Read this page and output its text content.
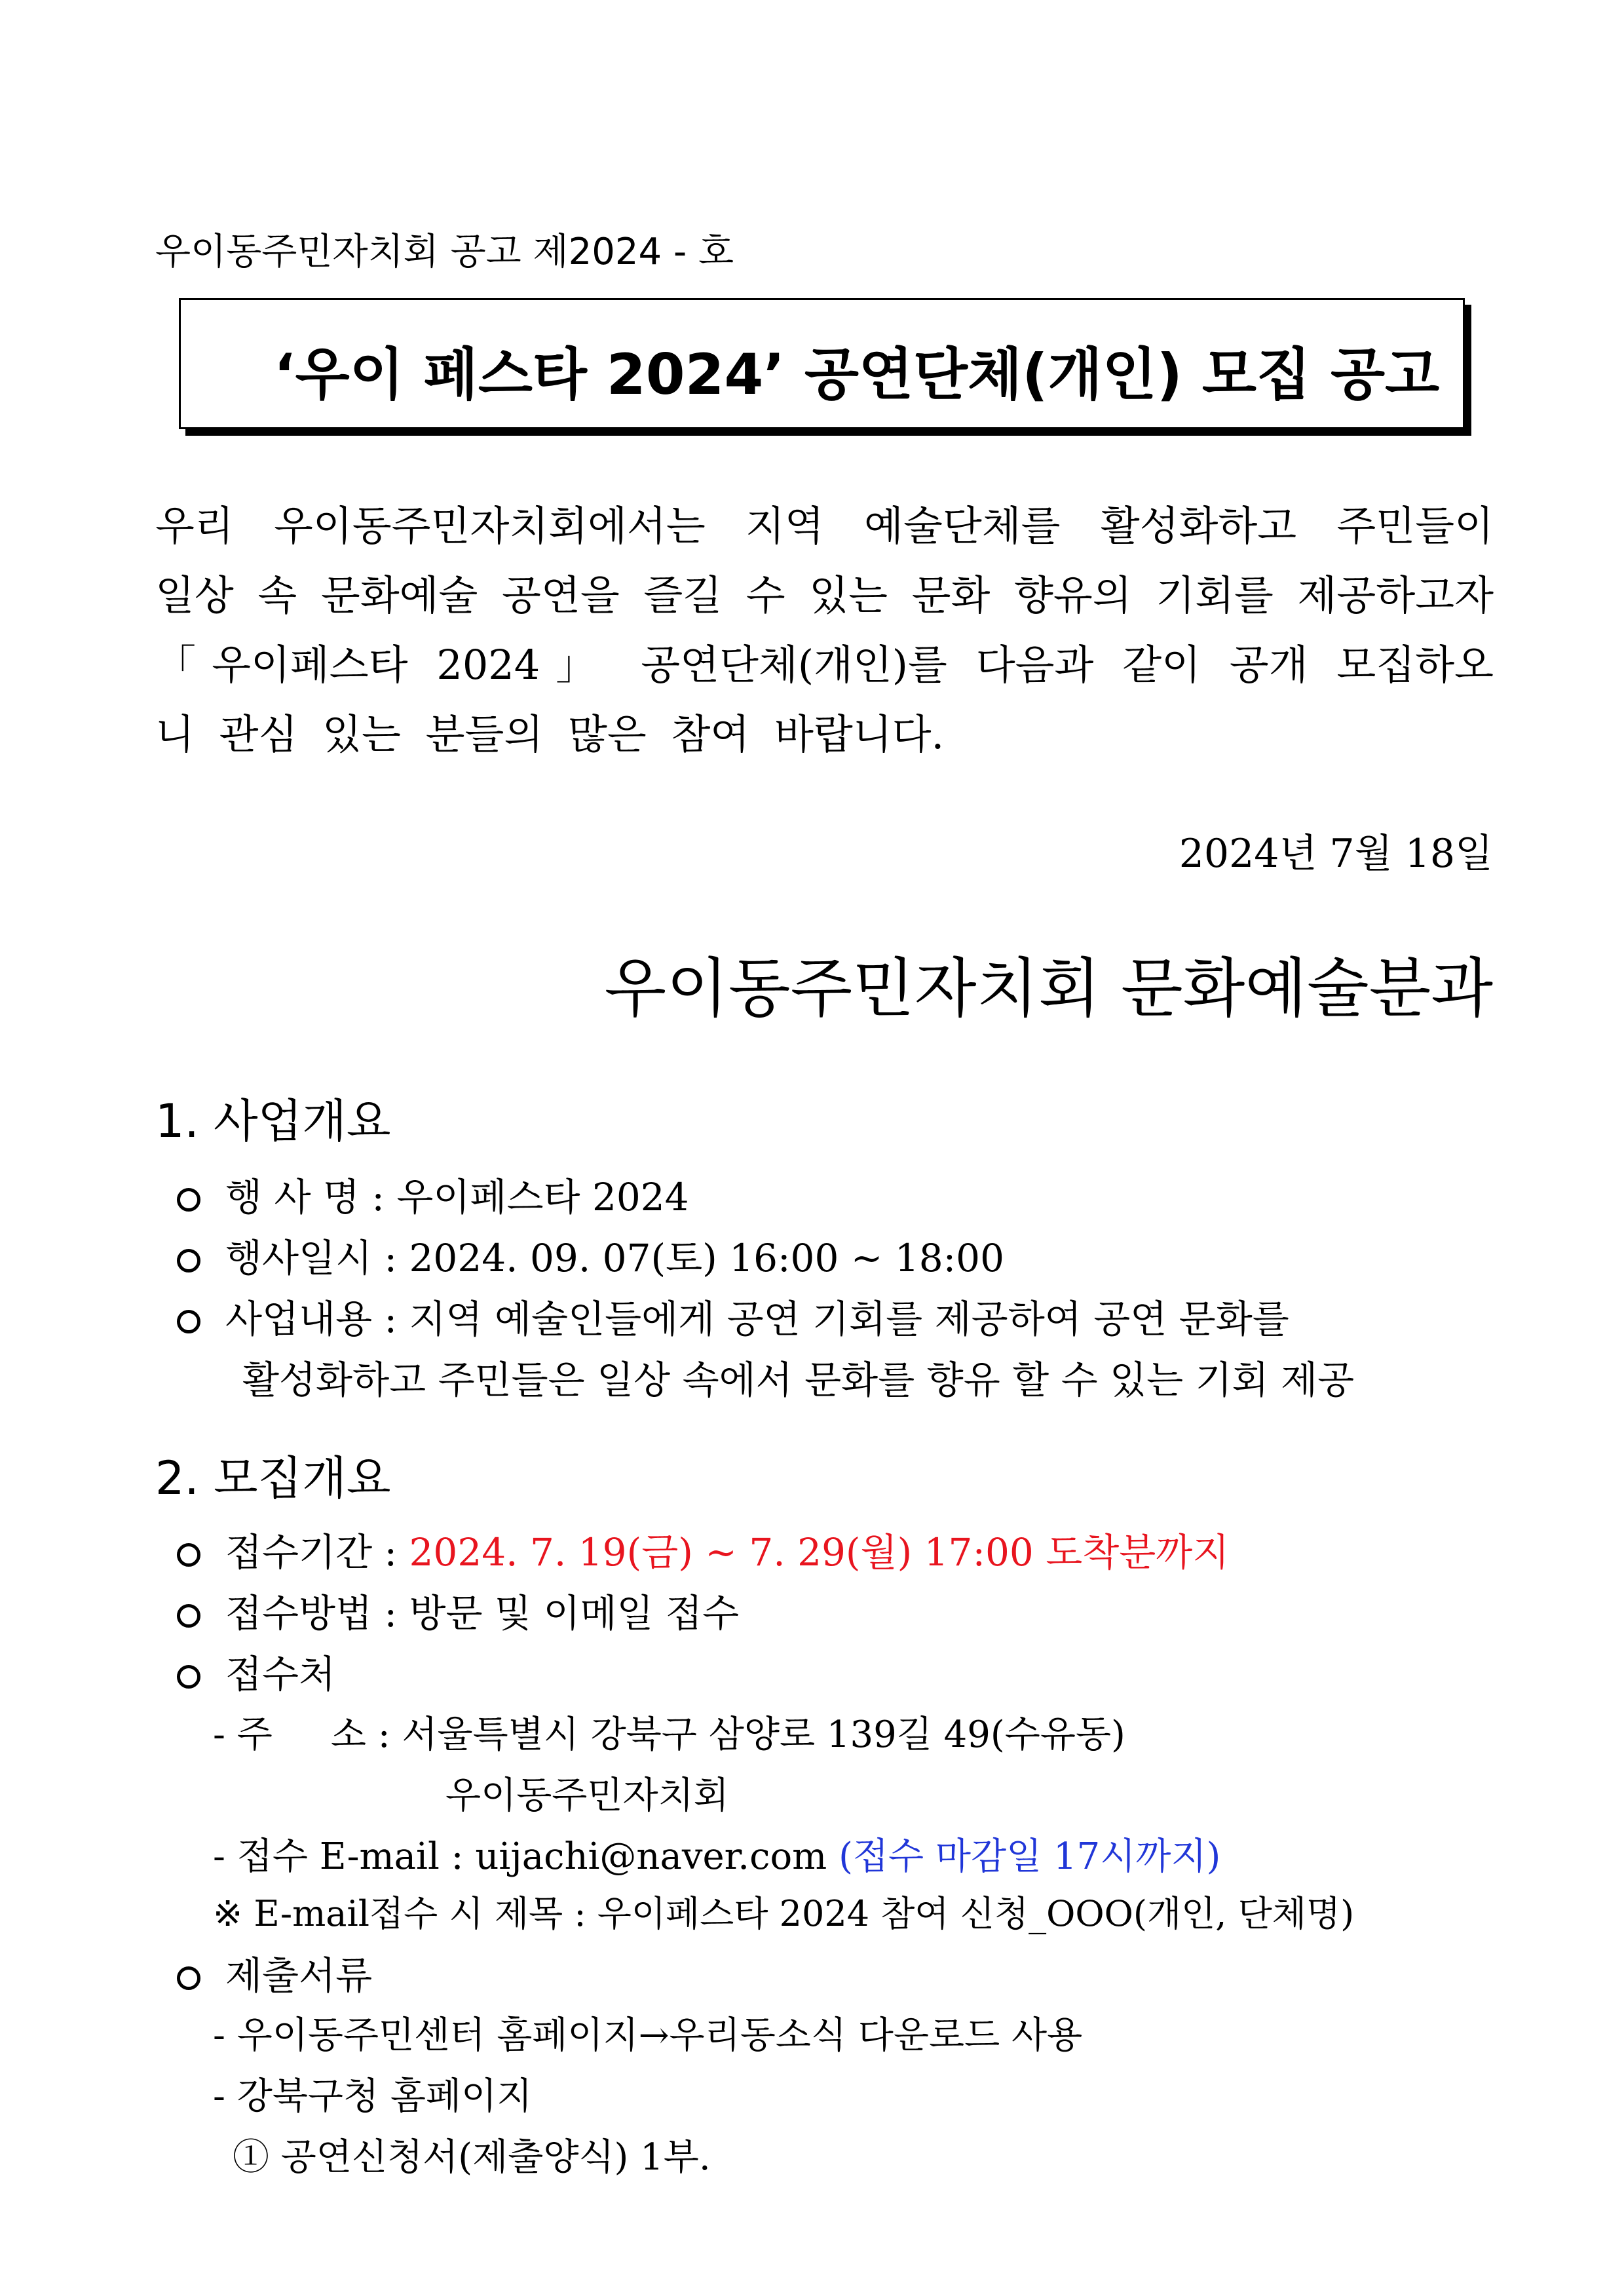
우이동주민자치회 공고 제2024 - 호
‘우이 페스타 2024’ 공연단체(개인) 모집 공고
우리 우이동주민자치회에서는 지역 예술단체를 활성화하고 주민들이
일상 속 문화예술 공연을 즐길 수 있는 문화 향유의 기회를 제공하고자
「우이페스타 2024」 공연단체(개인)를 다음과 같이 공개 모집하오
니 관심 있는 분들의 많은 참여 바랍니다.
2024년 7월 18일
우이동주민자치회 문화예술분과
1. 사업개요
행 사 명 : 우이페스타 2024
행사일시 : 2024. 09. 07(토) 16:00 ~ 18:00
사업내용 : 지역 예술인들에게 공연 기회를 제공하여 공연 문화를
활성화하고 주민들은 일상 속에서 문화를 향유 할 수 있는 기회 제공
2. 모집개요
접수기간 : 2024. 7. 19(금) ~ 7. 29(월) 17:00 도착분까지
접수방법 : 방문 및 이메일 접수
접수처
- 주     소 : 서울특별시 강북구 삼양로 139길 49(수유동)
우이동주민자치회
- 접수 E-mail : uijachi@naver.com (접수 마감일 17시까지)
※ E-mail접수 시 제목 : 우이페스타 2024 참여 신청_OOO(개인, 단체명)
제출서류
- 우이동주민센터 홈페이지→우리동소식 다운로드 사용
- 강북구청 홈페이지
① 공연신청서(제출양식) 1부.
